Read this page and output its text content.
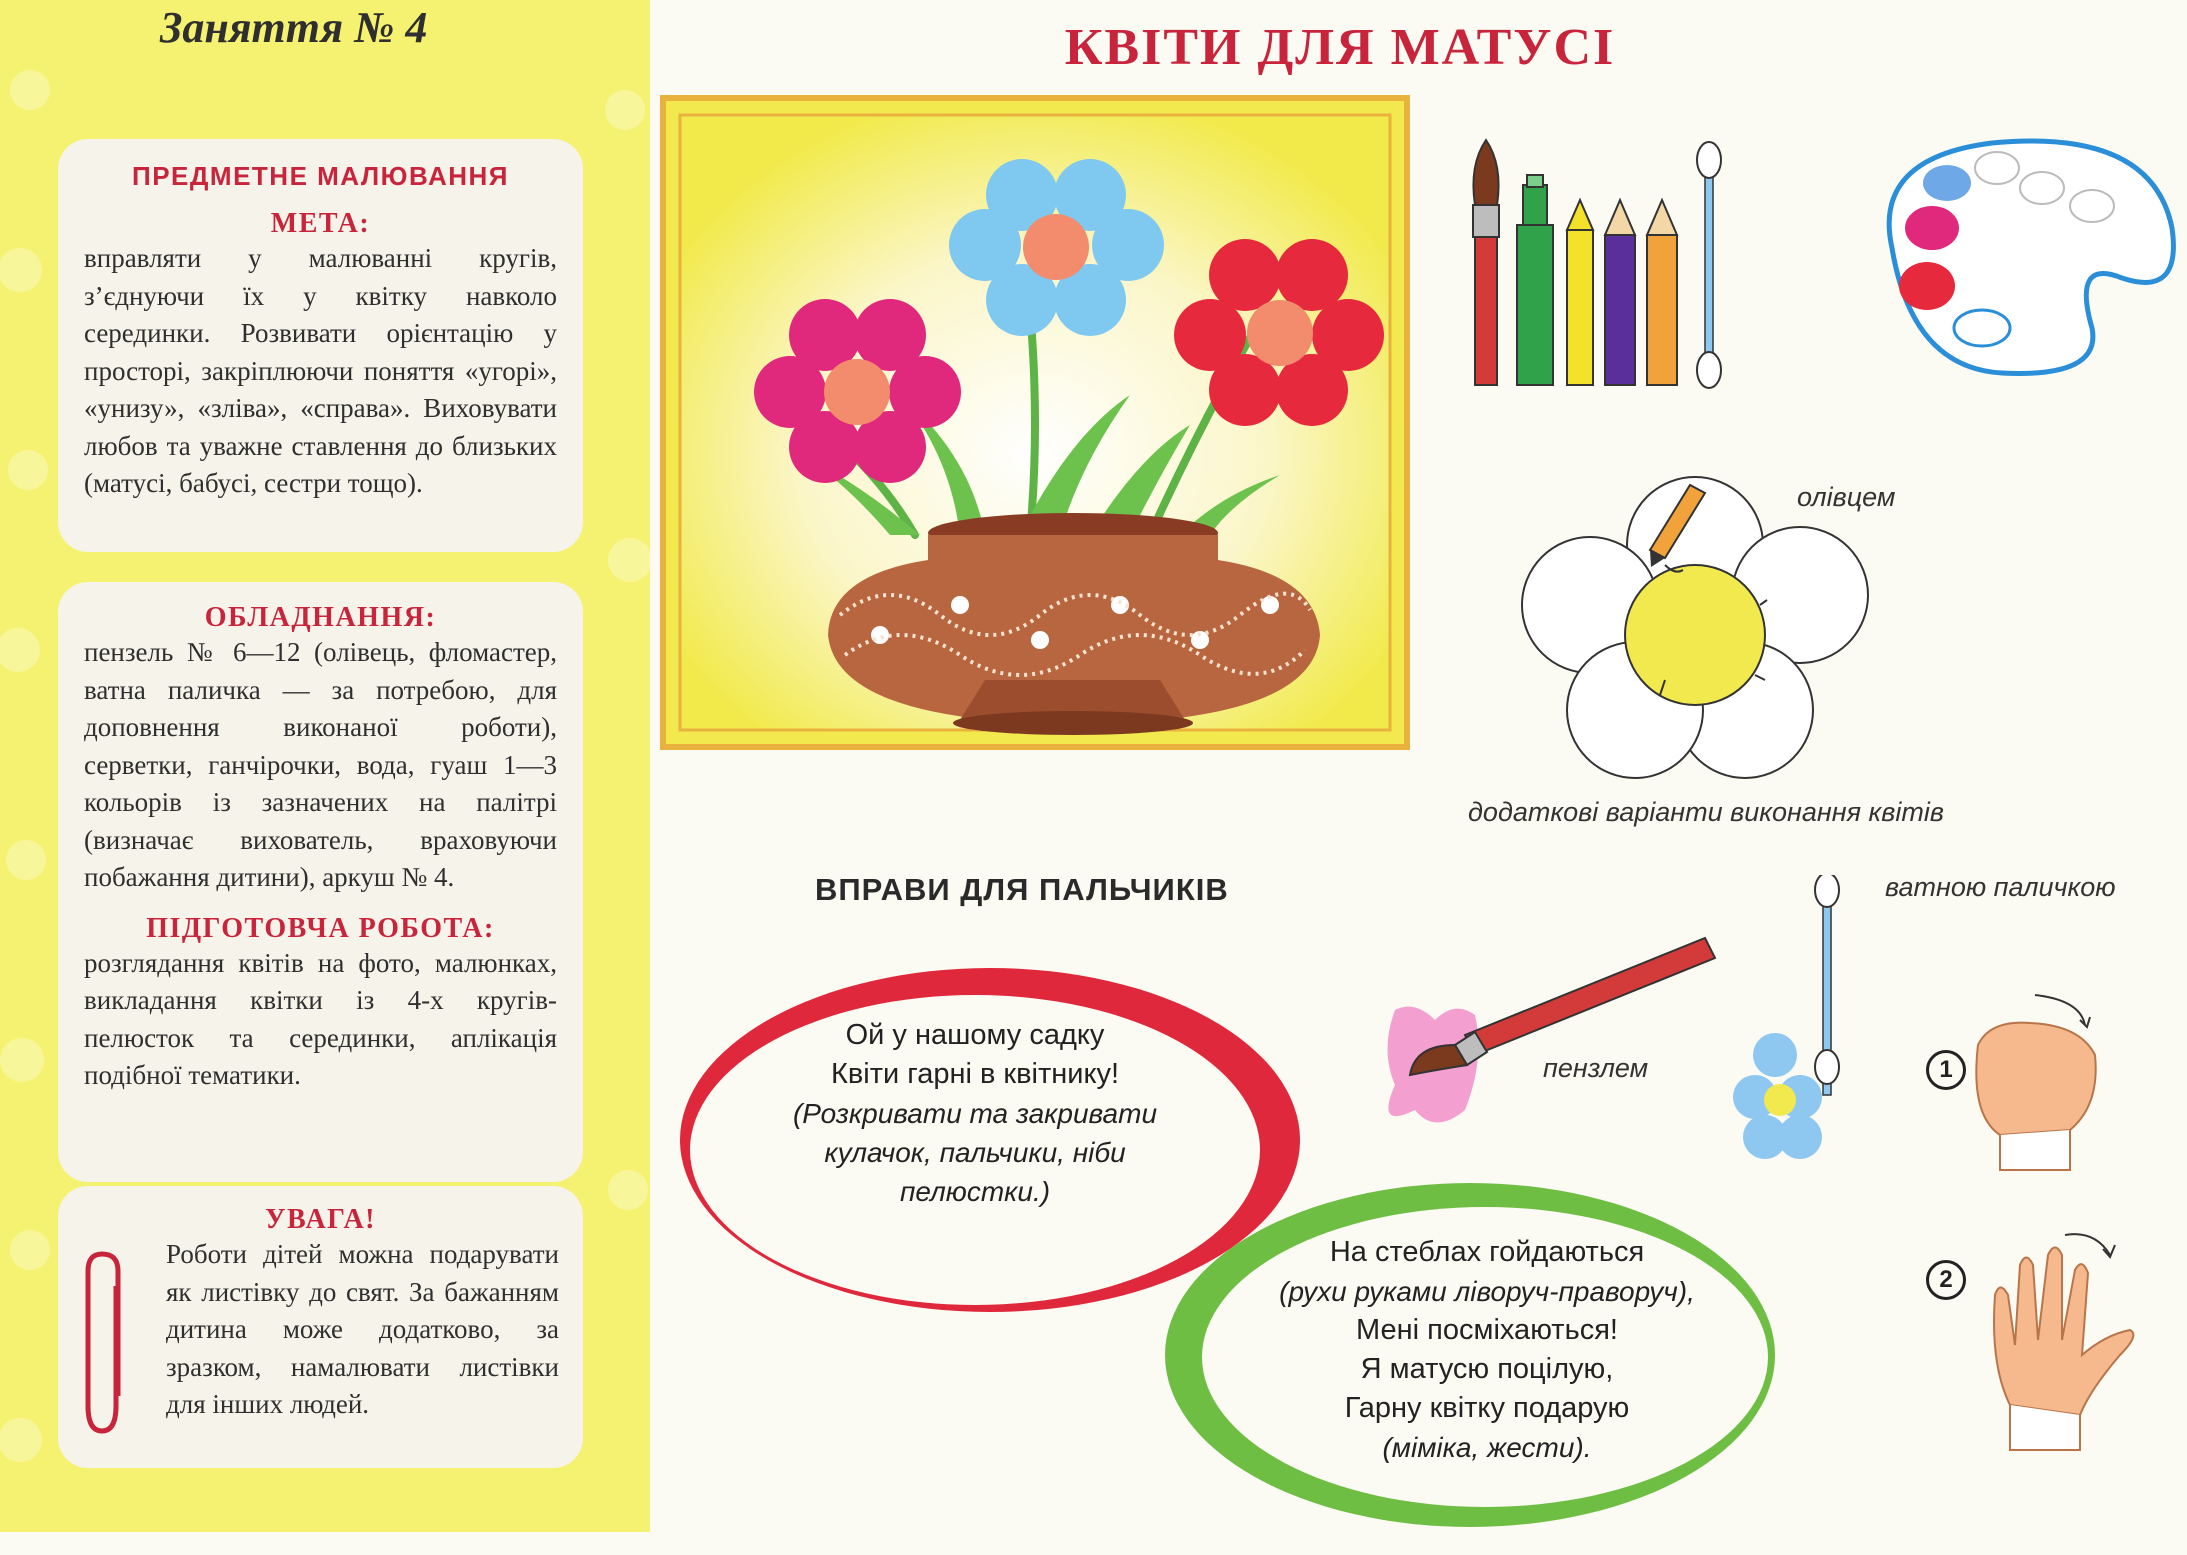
Заняття № 4
ПРЕДМЕТНЕ МАЛЮВАННЯ
МЕТА:
вправляти у малюванні кругів, з’єднуючи їх у квітку навколо серединки. Розвивати орієнтацію у просторі, закріплюючи поняття «угорі», «унизу», «зліва», «справа». Виховувати любов та уважне ставлення до близьких (матусі, бабусі, сестри тощо).
ОБЛАДНАННЯ:
пензель № 6—12 (олівець, фломастер, ватна паличка — за потребою, для доповнення виконаної роботи), серветки, ганчірочки, вода, гуаш 1—3 кольорів із зазначених на палітрі (визначає вихователь, враховуючи побажання дитини), аркуш № 4.
ПІДГОТОВЧА РОБОТА:
розглядання квітів на фото, малюнках, викладання квітки із 4-х кругів-пелюсток та серединки, аплікація подібної тематики.
УВАГА!
Роботи дітей можна подарувати як листівку до свят. За бажанням дитина може додатково, за зразком, намалювати листівки для інших людей.
КВІТИ ДЛЯ МАТУСІ
олівцем
додаткові варіанти виконання квітів
ватною паличкою
пензлем
ВПРАВИ ДЛЯ ПАЛЬЧИКІВ
Ой у нашому садку
Квіти гарні в квітнику!
(Розкривати та закривати кулачок, пальчики, ніби пелюстки.)
На стеблах гойдаються
(рухи руками ліворуч-праворуч),
Мені посміхаються!
Я матусю поцілую,
Гарну квітку подарую
(міміка, жести).
1
2
